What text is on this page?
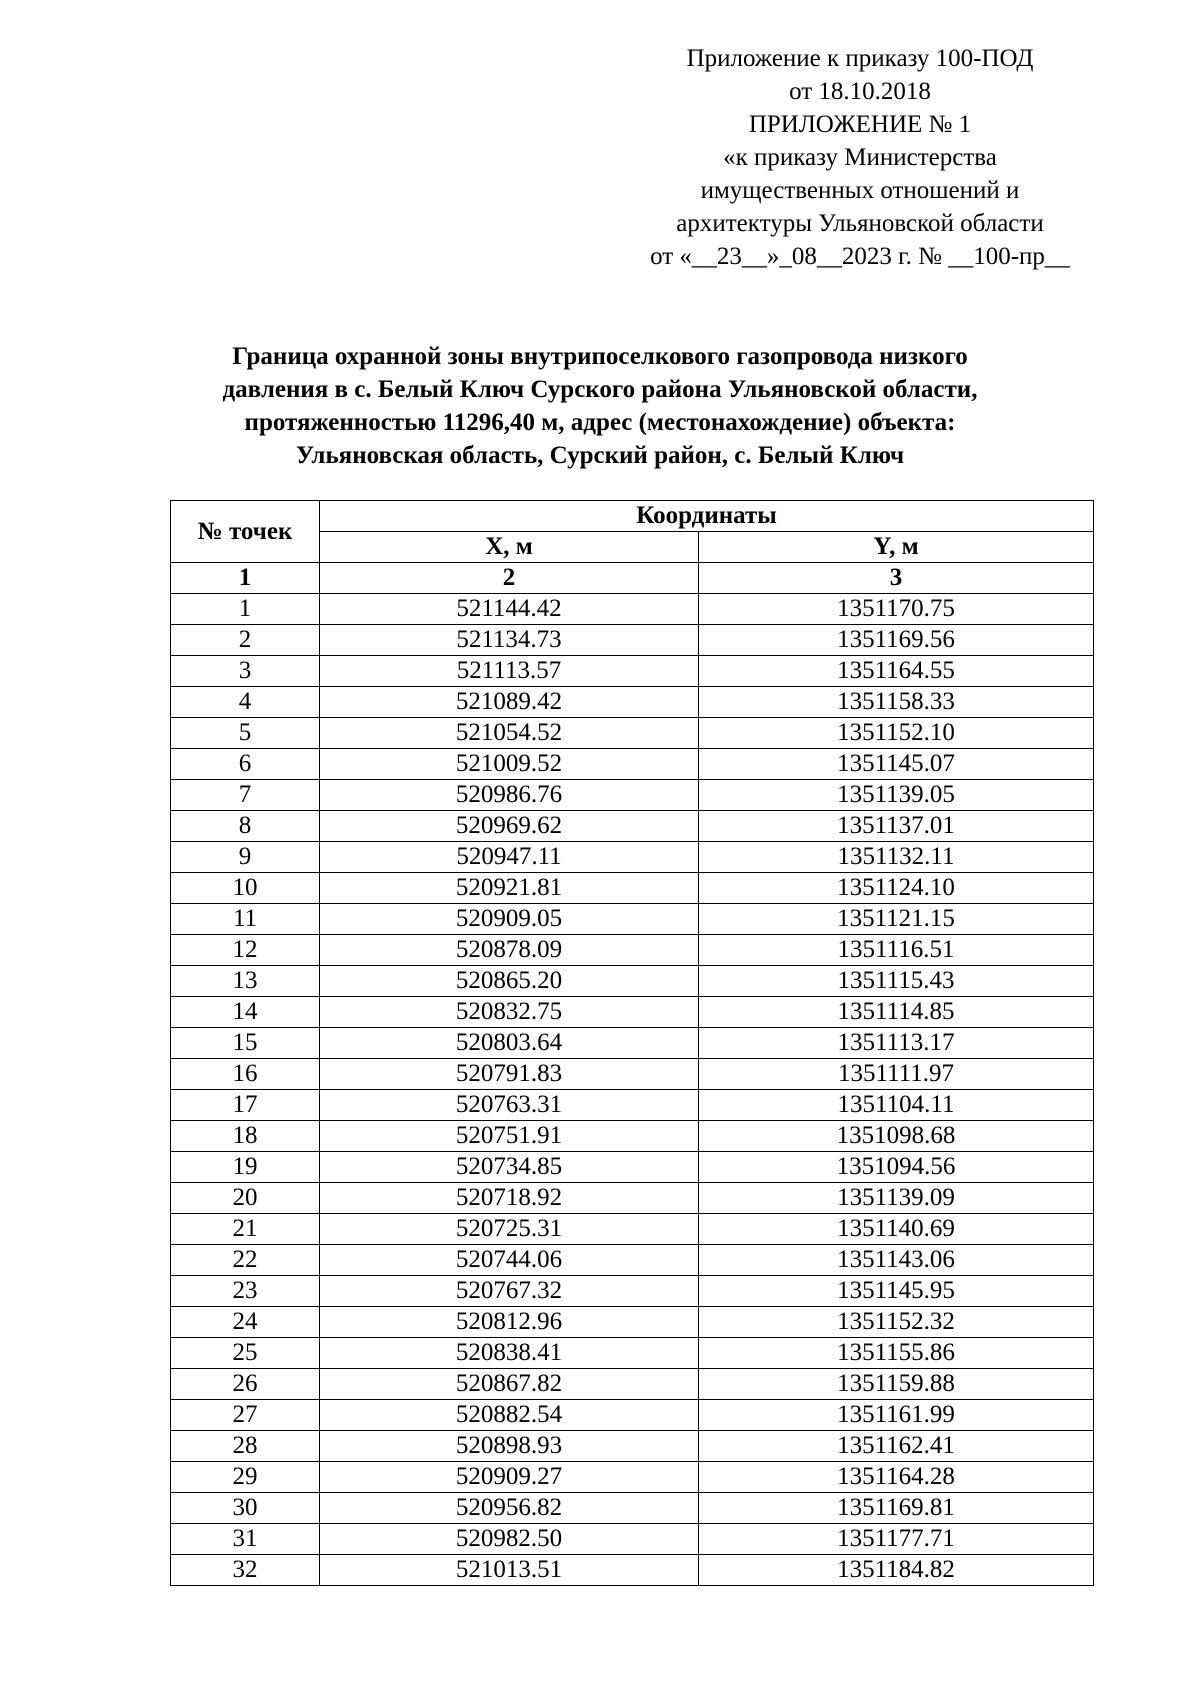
Приложение к приказу 100-ПОД
от 18.10.2018
ПРИЛОЖЕНИЕ № 1
«к приказу Министерства
имущественных отношений и
архитектуры Ульяновской области
от «__23__»_08__2023 г. № __100-пр__
Граница охранной зоны внутрипоселкового газопровода низкого
давления в с. Белый Ключ Сурского района Ульяновской области,
протяженностью 11296,40 м, адрес (местонахождение) объекта:
Ульяновская область, Сурский район, с. Белый Ключ
№ точек	Координаты	
	X, м	Y, м
1	2	3
1	521144.42	1351170.75
2	521134.73	1351169.56
3	521113.57	1351164.55
4	521089.42	1351158.33
5	521054.52	1351152.10
6	521009.52	1351145.07
7	520986.76	1351139.05
8	520969.62	1351137.01
9	520947.11	1351132.11
10	520921.81	1351124.10
11	520909.05	1351121.15
12	520878.09	1351116.51
13	520865.20	1351115.43
14	520832.75	1351114.85
15	520803.64	1351113.17
16	520791.83	1351111.97
17	520763.31	1351104.11
18	520751.91	1351098.68
19	520734.85	1351094.56
20	520718.92	1351139.09
21	520725.31	1351140.69
22	520744.06	1351143.06
23	520767.32	1351145.95
24	520812.96	1351152.32
25	520838.41	1351155.86
26	520867.82	1351159.88
27	520882.54	1351161.99
28	520898.93	1351162.41
29	520909.27	1351164.28
30	520956.82	1351169.81
31	520982.50	1351177.71
32	521013.51	1351184.82
